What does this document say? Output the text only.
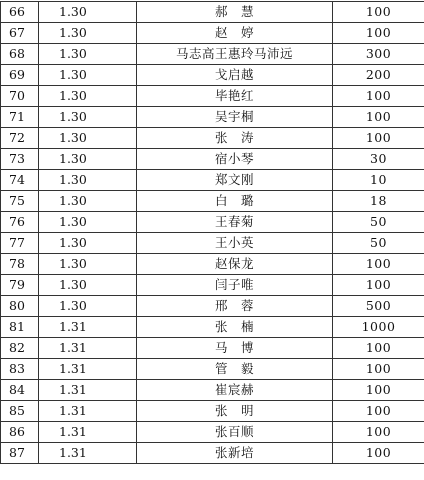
66	1.30	郝　慧	100
67	1.30	赵　婷	100
68	1.30	马志高王惠玲马沛远	300
69	1.30	戈启越	200
70	1.30	毕艳红	100
71	1.30	吴宇桐	100
72	1.30	张　涛	100
73	1.30	宿小琴	30
74	1.30	郑文刚	10
75	1.30	白　璐	18
76	1.30	王春菊	50
77	1.30	王小英	50
78	1.30	赵保龙	100
79	1.30	闫子唯	100
80	1.30	邢　蓉	500
81	1.31	张　楠	1000
82	1.31	马　博	100
83	1.31	管　毅	100
84	1.31	崔宸赫	100
85	1.31	张　明	100
86	1.31	张百顺	100
87	1.31	张新培	100
